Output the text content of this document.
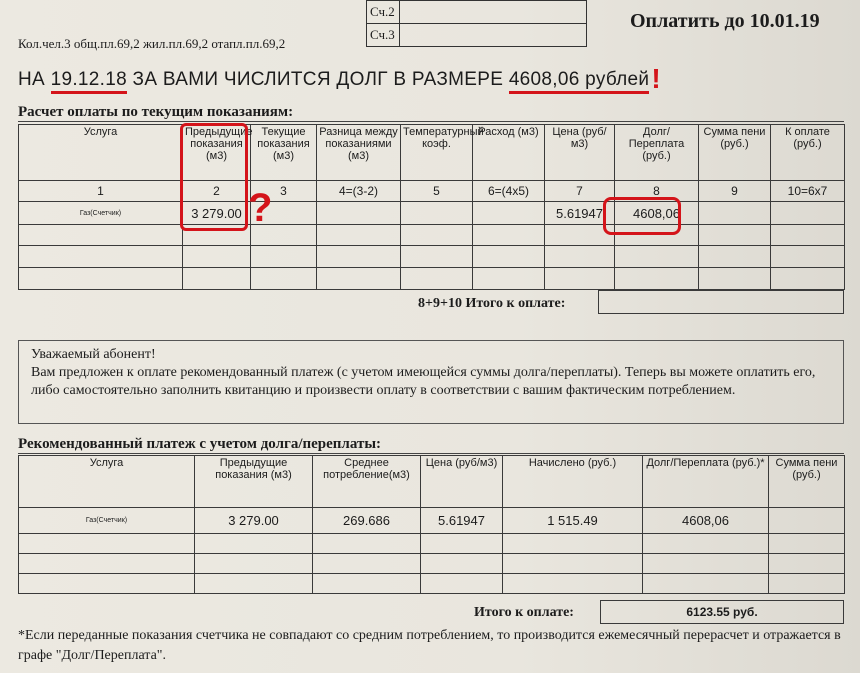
Сч.2	
Сч.3	
Оплатить до 10.01.19
Кол.чел.3 общ.пл.69,2 жил.пл.69,2 отапл.пл.69,2
НА 19.12.18 ЗА ВАМИ ЧИСЛИТСЯ ДОЛГ В РАЗМЕРЕ 4608,06 рублей!
Расчет оплаты по текущим показаниям:
Услуга	Предыдущие показания (м3)	Текущие показания (м3)	Разница между показаниями (м3)	Температурный коэф.	Расход (м3)	Цена (руб/м3)	Долг/Переплата (руб.)	Сумма пени (руб.)	К оплате (руб.)
1	2	3	4=(3-2)	5	6=(4x5)	7	8	9	10=6x7
Газ(Счетчик)	3 279.00					5.61947	4608,06		

8+9+10 Итого к оплате:
?
Уважаемый абонент!
Вам предложен к оплате рекомендованный платеж (с учетом имеющейся суммы долга/переплаты). Теперь вы можете оплатить его, либо самостоятельно заполнить квитанцию и произвести оплату в соответствии с вашим фактическим потреблением.
Рекомендованный платеж с учетом долга/переплаты:
Услуга	Предыдущие показания (м3)	Среднее потребление(м3)	Цена (руб/м3)	Начислено (руб.)	Долг/Переплата (руб.)*	Сумма пени (руб.)
Газ(Счетчик)	3 279.00	269.686	5.61947	1 515.49	4608,06	

Итого к оплате:	6123.55 руб.
*Если переданные показания счетчика не совпадают со средним потреблением, то производится ежемесячный перерасчет и отражается в графе "Долг/Переплата".
